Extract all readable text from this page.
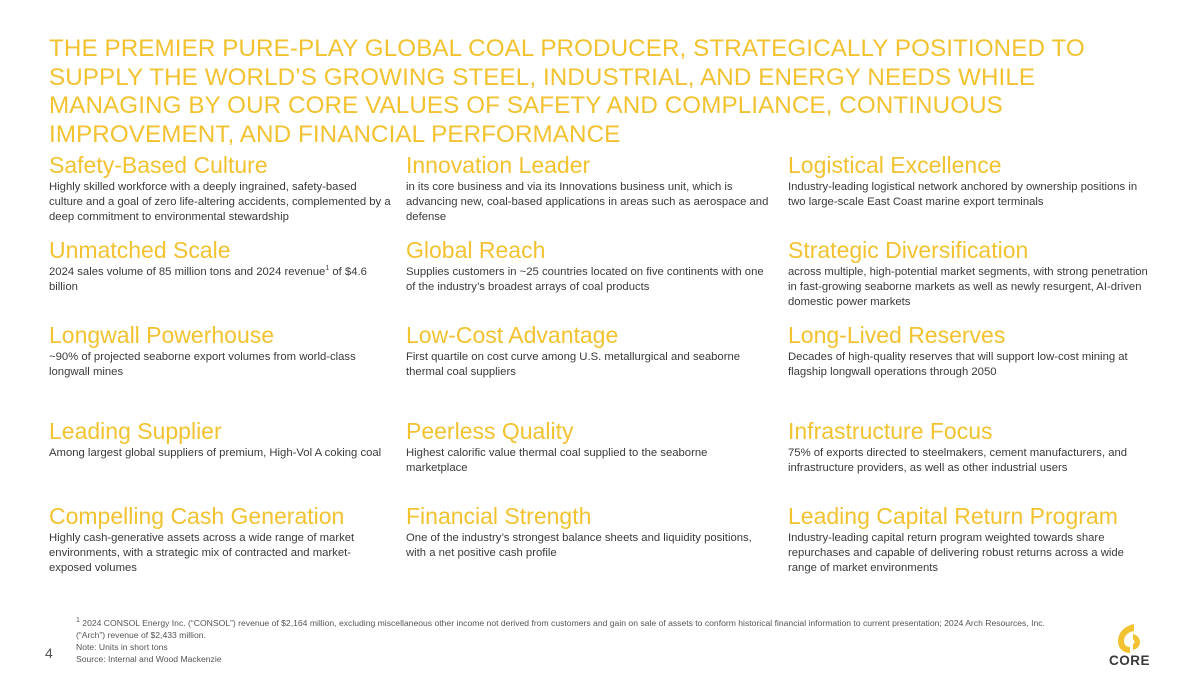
THE PREMIER PURE-PLAY GLOBAL COAL PRODUCER, STRATEGICALLY POSITIONED TO SUPPLY THE WORLD’S GROWING STEEL, INDUSTRIAL, AND ENERGY NEEDS WHILE MANAGING BY OUR CORE VALUES OF SAFETY AND COMPLIANCE, CONTINUOUS IMPROVEMENT, AND FINANCIAL PERFORMANCE

Safety-Based Culture

Highly skilled workforce with a deeply ingrained, safety-based culture and a goal of zero life-altering accidents, complemented by a deep commitment to environmental stewardship

Innovation Leader

in its core business and via its Innovations business unit, which is advancing new, coal-based applications in areas such as aerospace and defense

Logistical Excellence

Industry-leading logistical network anchored by ownership positions in two large-scale East Coast marine export terminals

Unmatched Scale

2024 sales volume of 85 million tons and 2024 revenue$^1$ of $4.6 billion

Global Reach

Supplies customers in ~25 countries located on five continents with one of the industry’s broadest arrays of coal products

Strategic Diversification

across multiple, high-potential market segments, with strong penetration in fast-growing seaborne markets as well as newly resurgent, AI-driven domestic power markets

Longwall Powerhouse

~90% of projected seaborne export volumes from world-class longwall mines

Low-Cost Advantage

First quartile on cost curve among U.S. metallurgical and seaborne thermal coal suppliers

Long-Lived Reserves

Decades of high-quality reserves that will support low-cost mining at flagship longwall operations through 2050

Leading Supplier

Among largest global suppliers of premium, High-Vol A coking coal

Peerless Quality

Highest calorific value thermal coal supplied to the seaborne marketplace

Infrastructure Focus

75% of exports directed to steelmakers, cement manufacturers, and infrastructure providers, as well as other industrial users

Compelling Cash Generation

Highly cash-generative assets across a wide range of market environments, with a strategic mix of contracted and market-exposed volumes

Financial Strength

One of the industry’s strongest balance sheets and liquidity positions, with a net positive cash profile

Leading Capital Return Program

Industry-leading capital return program weighted towards share repurchases and capable of delivering robust returns across a wide range of market environments

$^1$ 2024 CONSOL Energy Inc. (“CONSOL”) revenue of $2,164 million, excluding miscellaneous other income not derived from customers and gain on sale of assets to conform historical financial information to current presentation; 2024 Arch Resources, Inc. (“Arch”) revenue of $2,433 million.
Note: Units in short tons
Source: Internal and Wood Mackenzie
4	CORE
